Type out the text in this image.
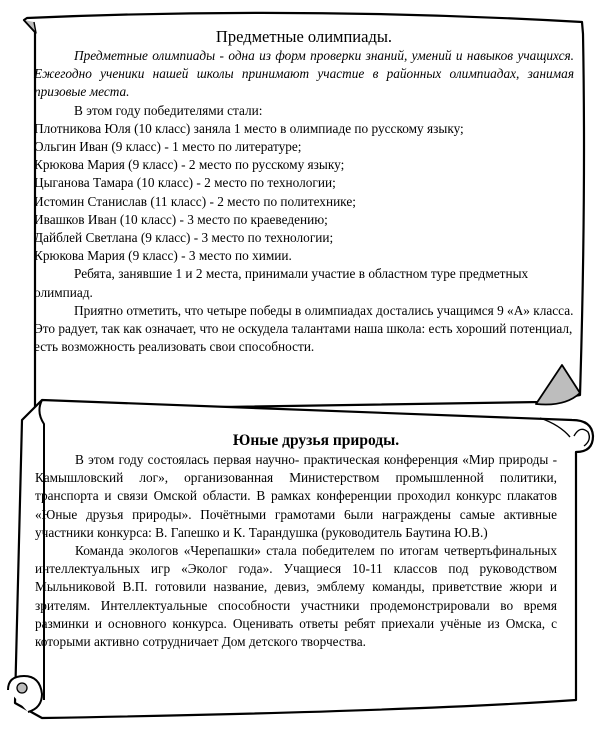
Предметные олимпиады.

Предметные олимпиады - одна из форм проверки знаний, умений и навыков учащихся. Ежегодно ученики нашей школы принимают участие в районных олимпиадах, занимая призовые места.

В этом году победителями стали:

Плотникова Юля (10 класс) заняла 1 место в олимпиаде по русскому языку;

Ольгин Иван (9 класс) - 1 место по литературе;

Крюкова Мария (9 класс) - 2 место по русскому языку;

Цыганова Тамара (10 класс) - 2 место по технологии;

Истомин Станислав (11 класс) - 2 место по политехнике;

Ивашков Иван (10 класс) - 3 место по краеведению;

Дайблей Светлана (9 класс) - 3 место по технологии;

Крюкова Мария (9 класс) - 3 место по химии.

Ребята, занявшие 1 и 2 места, принимали участие в областном туре предметных олимпиад.

Приятно отметить, что четыре победы в олимпиадах достались учащимся 9 «А» класса. Это радует, так как означает, что не оскудела талантами наша школа: есть хороший потенциал, есть возможность реализовать свои способности.

Юные друзья природы.

В этом году состоялась первая научно- практическая конференция «Мир природы - Камышловский лог», организованная Министерством промышленной политики, транспорта и связи Омской области. В рамках конференции проходил конкурс плакатов «Юные друзья природы». Почётными грамотами 6ыли награждены самые активные участники конкурса: В. Гапешко и К. Тарандушка (руководитель Баутина Ю.В.)

Команда экологов «Черепашки» стала победителем по итогам четвертьфинальных интеллектуальных игр «Эколог года». Учащиеся 10-11 классов под руководством Мыльниковой В.П. готовили название, девиз, эмблему команды, приветствие жюри и зрителям. Интеллектуальные способности участники продемонстрировали во время разминки и основного конкурса. Оценивать ответы ребят приехали учёные из Омска, с которыми активно сотрудничает Дом детского творчества.
